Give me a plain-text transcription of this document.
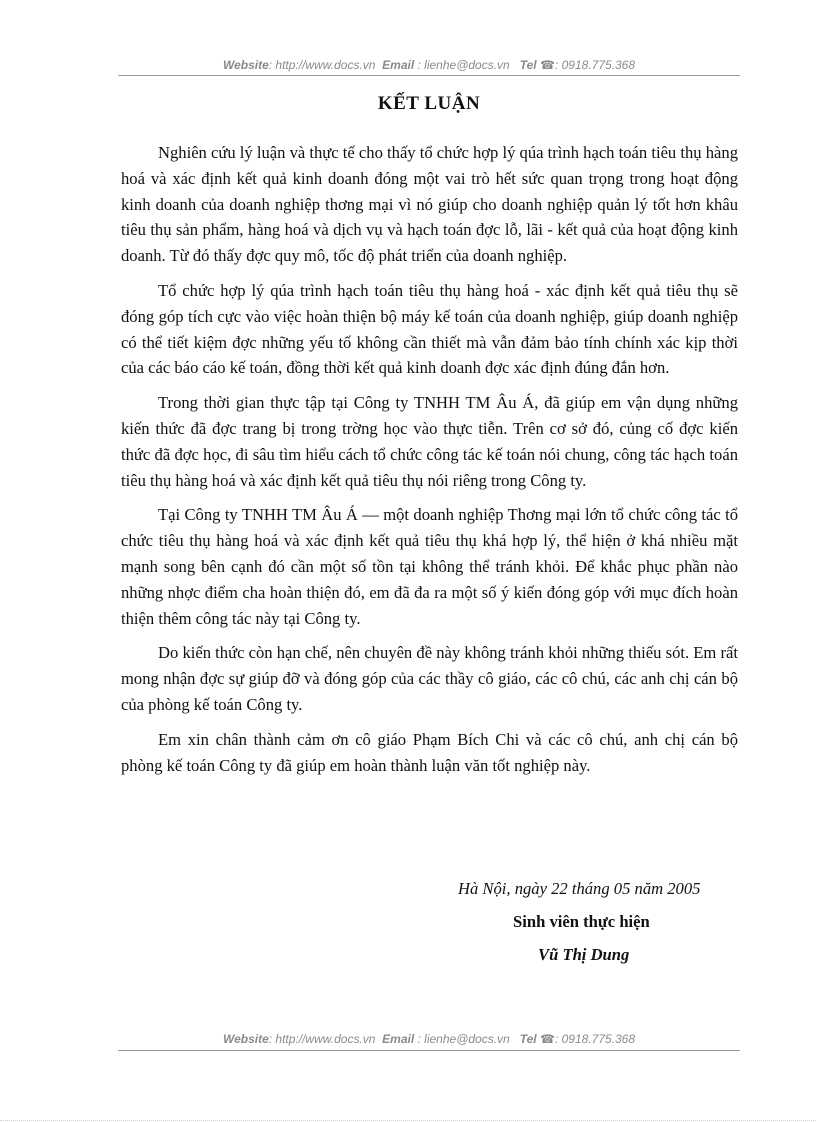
Website: http://www.docs.vn Email : lienhe@docs.vn Tel ☎: 0918.775.368
KẾT LUẬN

Nghiên cứu lý luận và thực tế cho thấy tổ chức hợp lý qúa trình hạch toán tiêu thụ hàng hoá và xác định kết quả kinh doanh đóng một vai trò hết sức quan trọng trong hoạt động kinh doanh của doanh nghiệp thơng mại vì nó giúp cho doanh nghiệp quản lý tốt hơn khâu tiêu thụ sản phẩm, hàng hoá và dịch vụ và hạch toán đợc lỗ, lãi - kết quả của hoạt động kinh doanh. Từ đó thấy đợc quy mô, tốc độ phát triển của doanh nghiệp.

Tổ chức hợp lý qúa trình hạch toán tiêu thụ hàng hoá - xác định kết quả tiêu thụ sẽ đóng góp tích cực vào việc hoàn thiện bộ máy kế toán của doanh nghiệp, giúp doanh nghiệp có thể tiết kiệm đợc những yếu tố không cần thiết mà vẫn đảm bảo tính chính xác kịp thời của các báo cáo kế toán, đồng thời kết quả kinh doanh đợc xác định đúng đắn hơn.

Trong thời gian thực tập tại Công ty TNHH TM Âu Á, đã giúp em vận dụng những kiến thức đã đợc trang bị trong trờng học vào thực tiễn. Trên cơ sở đó, củng cố đợc kiến thức đã đợc học, đi sâu tìm hiểu cách tổ chức công tác kế toán nói chung, công tác hạch toán tiêu thụ hàng hoá và xác định kết quả tiêu thụ nói riêng trong Công ty.

Tại Công ty TNHH TM Âu Á — một doanh nghiệp Thơng mại lớn tổ chức công tác tổ chức tiêu thụ hàng hoá và xác định kết quả tiêu thụ khá hợp lý, thể hiện ở khá nhiều mặt mạnh song bên cạnh đó cần một số tồn tại không thể tránh khỏi. Để khắc phục phần nào những nhợc điểm cha hoàn thiện đó, em đã đa ra một số ý kiến đóng góp với mục đích hoàn thiện thêm công tác này tại Công ty.

Do kiến thức còn hạn chế, nên chuyên đề này không tránh khỏi những thiếu sót. Em rất mong nhận đợc sự giúp đỡ và đóng góp của các thầy cô giáo, các cô chú, các anh chị cán bộ của phòng kế toán Công ty.

Em xin chân thành cảm ơn cô giáo Phạm Bích Chi và các cô chú, anh chị cán bộ phòng kế toán Công ty đã giúp em hoàn thành luận văn tốt nghiệp này.

Hà Nội, ngày 22 tháng 05 năm 2005
Sinh viên thực hiện
Vũ Thị Dung
Website: http://www.docs.vn Email : lienhe@docs.vn Tel ☎: 0918.775.368
